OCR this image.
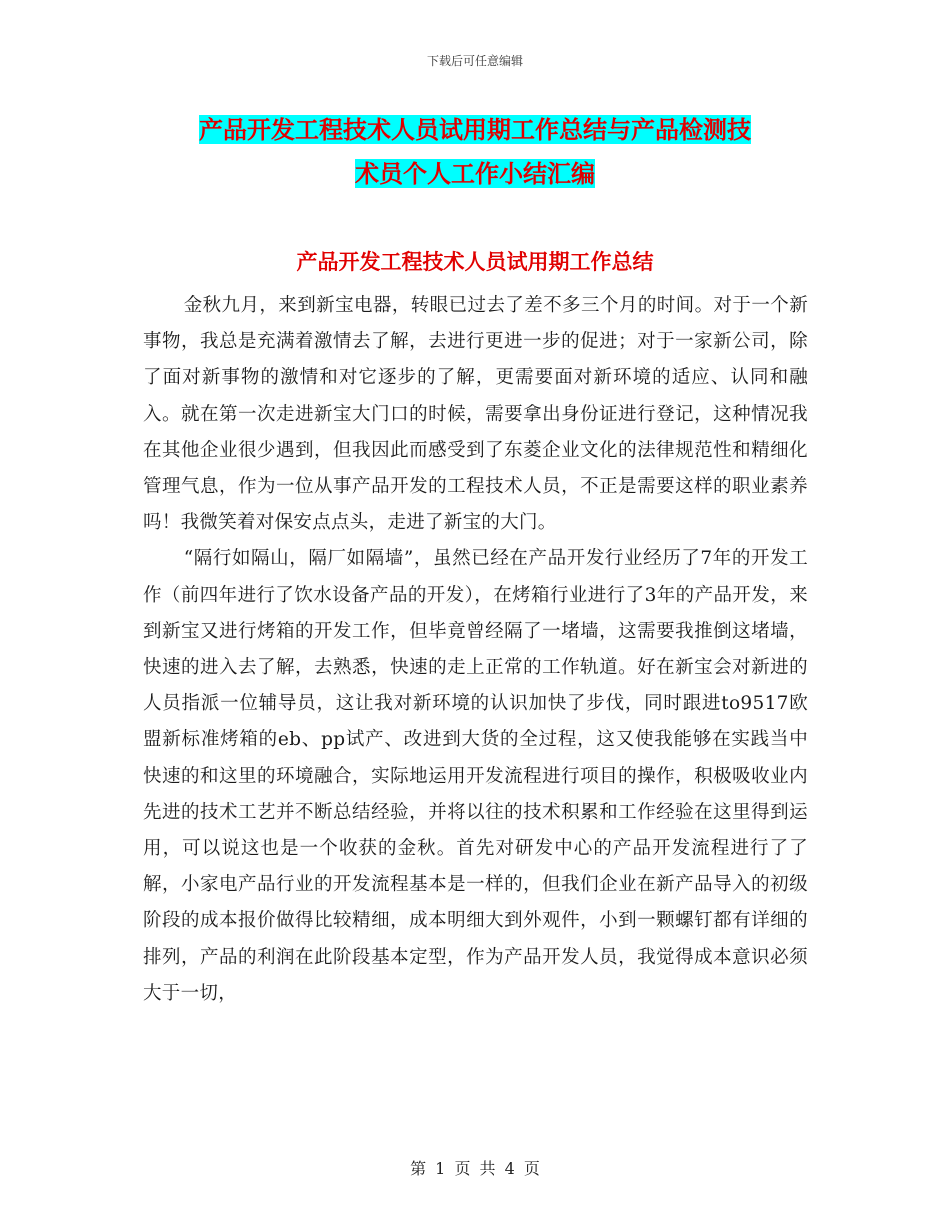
下载后可任意编辑
产品开发工程技术人员试用期工作总结与产品检测技
术员个人工作小结汇编
产品开发工程技术人员试用期工作总结

金秋九月，来到新宝电器，转眼已过去了差不多三个月的时间。对于一个新事物，我总是充满着激情去了解，去进行更进一步的促进；对于一家新公司，除了面对新事物的激情和对它逐步的了解，更需要面对新环境的适应、认同和融入。就在第一次走进新宝大门口的时候，需要拿出身份证进行登记，这种情况我在其他企业很少遇到，但我因此而感受到了东菱企业文化的法律规范性和精细化管理气息，作为一位从事产品开发的工程技术人员，不正是需要这样的职业素养吗！我微笑着对保安点点头，走进了新宝的大门。

“隔行如隔山，隔厂如隔墙”，虽然已经在产品开发行业经历了7年的开发工作（前四年进行了饮水设备产品的开发），在烤箱行业进行了3年的产品开发，来到新宝又进行烤箱的开发工作，但毕竟曾经隔了一堵墙，这需要我推倒这堵墙，快速的进入去了解，去熟悉，快速的走上正常的工作轨道。好在新宝会对新进的人员指派一位辅导员，这让我对新环境的认识加快了步伐，同时跟进to9517欧盟新标准烤箱的eb、pp试产、改进到大货的全过程，这又使我能够在实践当中快速的和这里的环境融合，实际地运用开发流程进行项目的操作，积极吸收业内先进的技术工艺并不断总结经验，并将以往的技术积累和工作经验在这里得到运用，可以说这也是一个收获的金秋。首先对研发中心的产品开发流程进行了了解，小家电产品行业的开发流程基本是一样的，但我们企业在新产品导入的初级阶段的成本报价做得比较精细，成本明细大到外观件，小到一颗螺钉都有详细的排列，产品的利润在此阶段基本定型，作为产品开发人员，我觉得成本意识必须大于一切，

第 1 页 共 4 页
